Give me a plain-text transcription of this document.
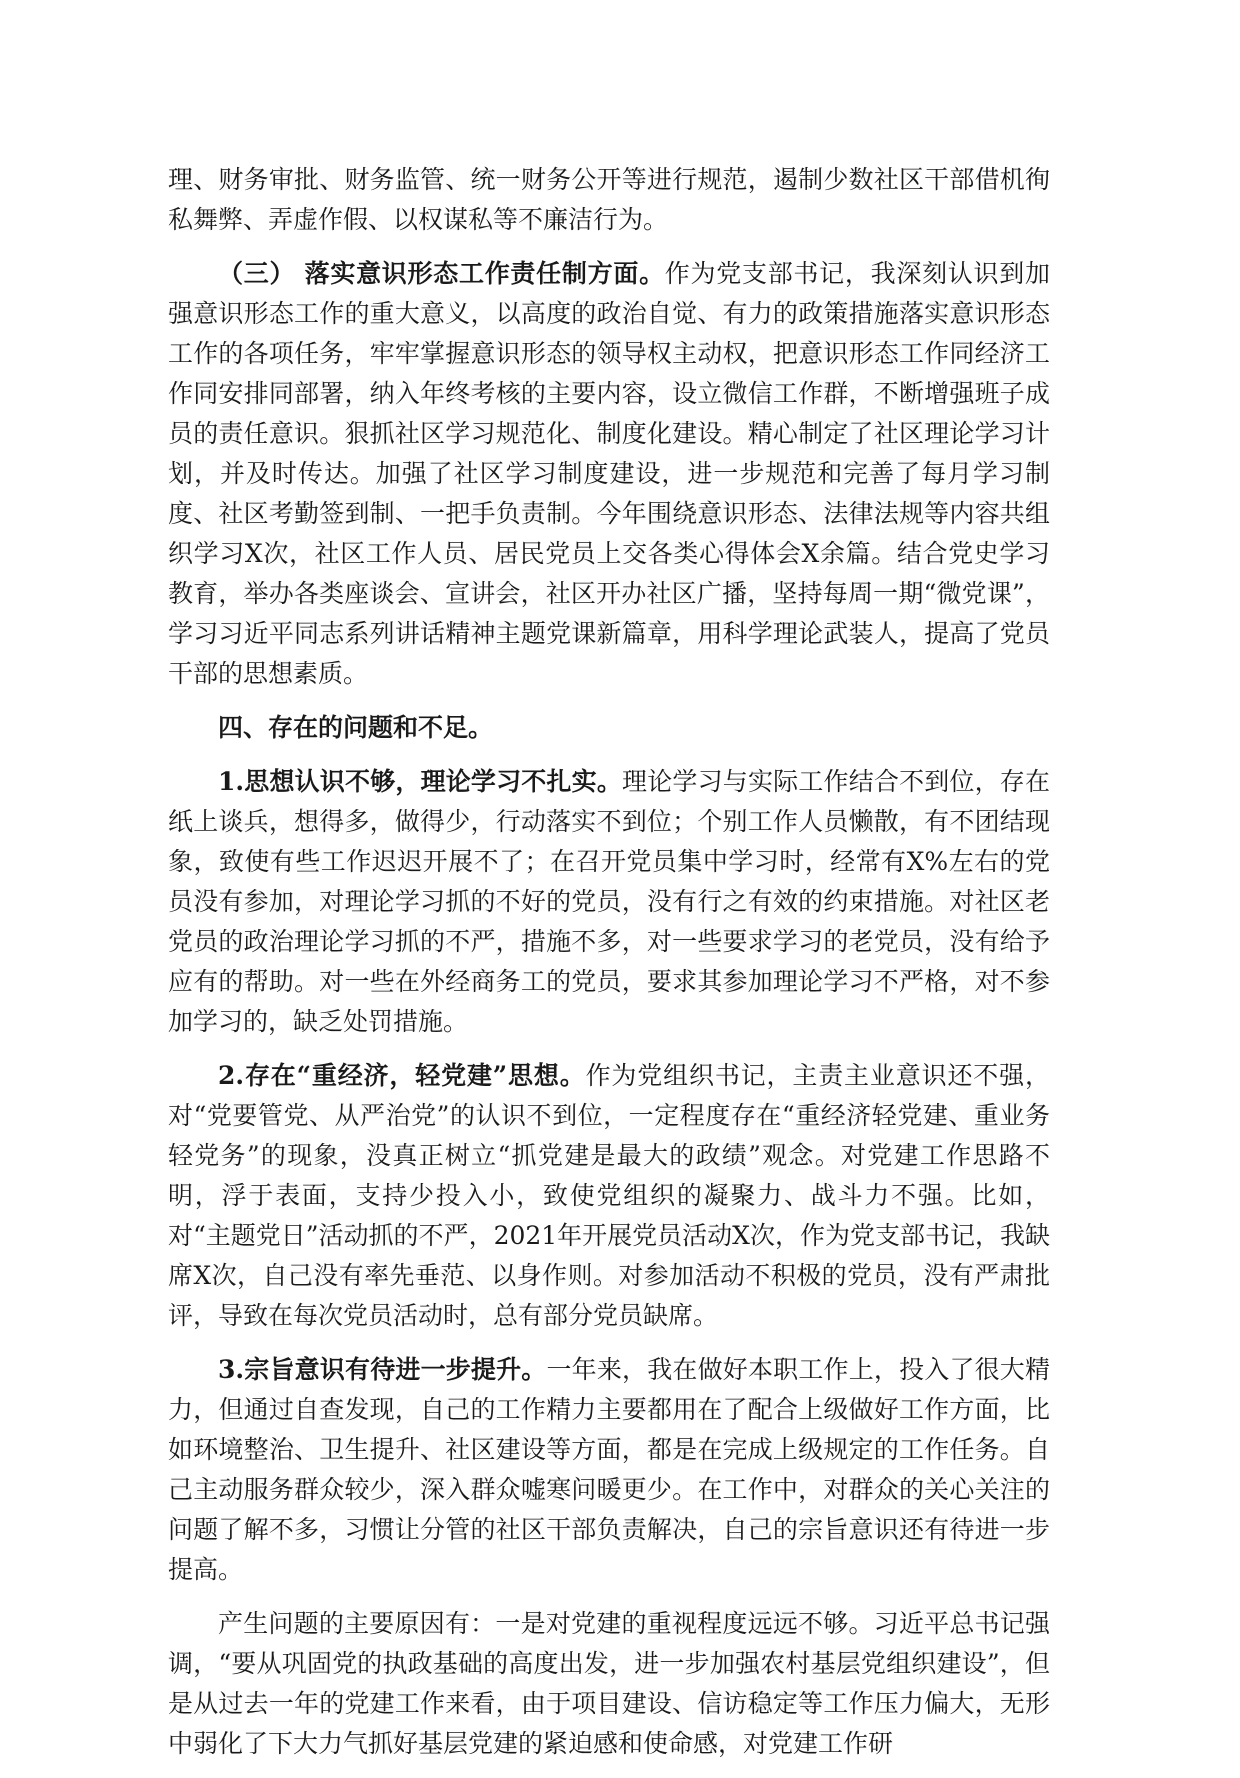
理、财务审批、财务监管、统一财务公开等进行规范，遏制少数社区干部借机徇私舞弊、弄虚作假、以权谋私等不廉洁行为。

（三） 落实意识形态工作责任制方面。作为党支部书记，我深刻认识到加强意识形态工作的重大意义，以高度的政治自觉、有力的政策措施落实意识形态工作的各项任务，牢牢掌握意识形态的领导权主动权，把意识形态工作同经济工作同安排同部署，纳入年终考核的主要内容，设立微信工作群，不断增强班子成员的责任意识。狠抓社区学习规范化、制度化建设。精心制定了社区理论学习计划，并及时传达。加强了社区学习制度建设，进一步规范和完善了每月学习制度、社区考勤签到制、一把手负责制。今年围绕意识形态、法律法规等内容共组织学习X次，社区工作人员、居民党员上交各类心得体会X余篇。结合党史学习教育，举办各类座谈会、宣讲会，社区开办社区广播，坚持每周一期“微党课”，学习习近平同志系列讲话精神主题党课新篇章，用科学理论武装人，提高了党员干部的思想素质。

四、存在的问题和不足。

1.思想认识不够，理论学习不扎实。理论学习与实际工作结合不到位，存在纸上谈兵，想得多，做得少，行动落实不到位；个别工作人员懒散，有不团结现象，致使有些工作迟迟开展不了；在召开党员集中学习时，经常有X%左右的党员没有参加，对理论学习抓的不好的党员，没有行之有效的约束措施。对社区老党员的政治理论学习抓的不严，措施不多，对一些要求学习的老党员，没有给予应有的帮助。对一些在外经商务工的党员，要求其参加理论学习不严格，对不参加学习的，缺乏处罚措施。

2.存在“重经济，轻党建”思想。作为党组织书记，主责主业意识还不强，对“党要管党、从严治党”的认识不到位，一定程度存在“重经济轻党建、重业务轻党务”的现象，没真正树立“抓党建是最大的政绩”观念。对党建工作思路不明，浮于表面，支持少投入小，致使党组织的凝聚力、战斗力不强。比如，对“主题党日”活动抓的不严，2021年开展党员活动X次，作为党支部书记，我缺席X次，自己没有率先垂范、以身作则。对参加活动不积极的党员，没有严肃批评，导致在每次党员活动时，总有部分党员缺席。

3.宗旨意识有待进一步提升。一年来，我在做好本职工作上，投入了很大精力，但通过自查发现，自己的工作精力主要都用在了配合上级做好工作方面，比如环境整治、卫生提升、社区建设等方面，都是在完成上级规定的工作任务。自己主动服务群众较少，深入群众嘘寒问暖更少。在工作中，对群众的关心关注的问题了解不多，习惯让分管的社区干部负责解决，自己的宗旨意识还有待进一步提高。

产生问题的主要原因有：一是对党建的重视程度远远不够。习近平总书记强调，“要从巩固党的执政基础的高度出发，进一步加强农村基层党组织建设”，但是从过去一年的党建工作来看，由于项目建设、信访稳定等工作压力偏大，无形中弱化了下大力气抓好基层党建的紧迫感和使命感，对党建工作研
